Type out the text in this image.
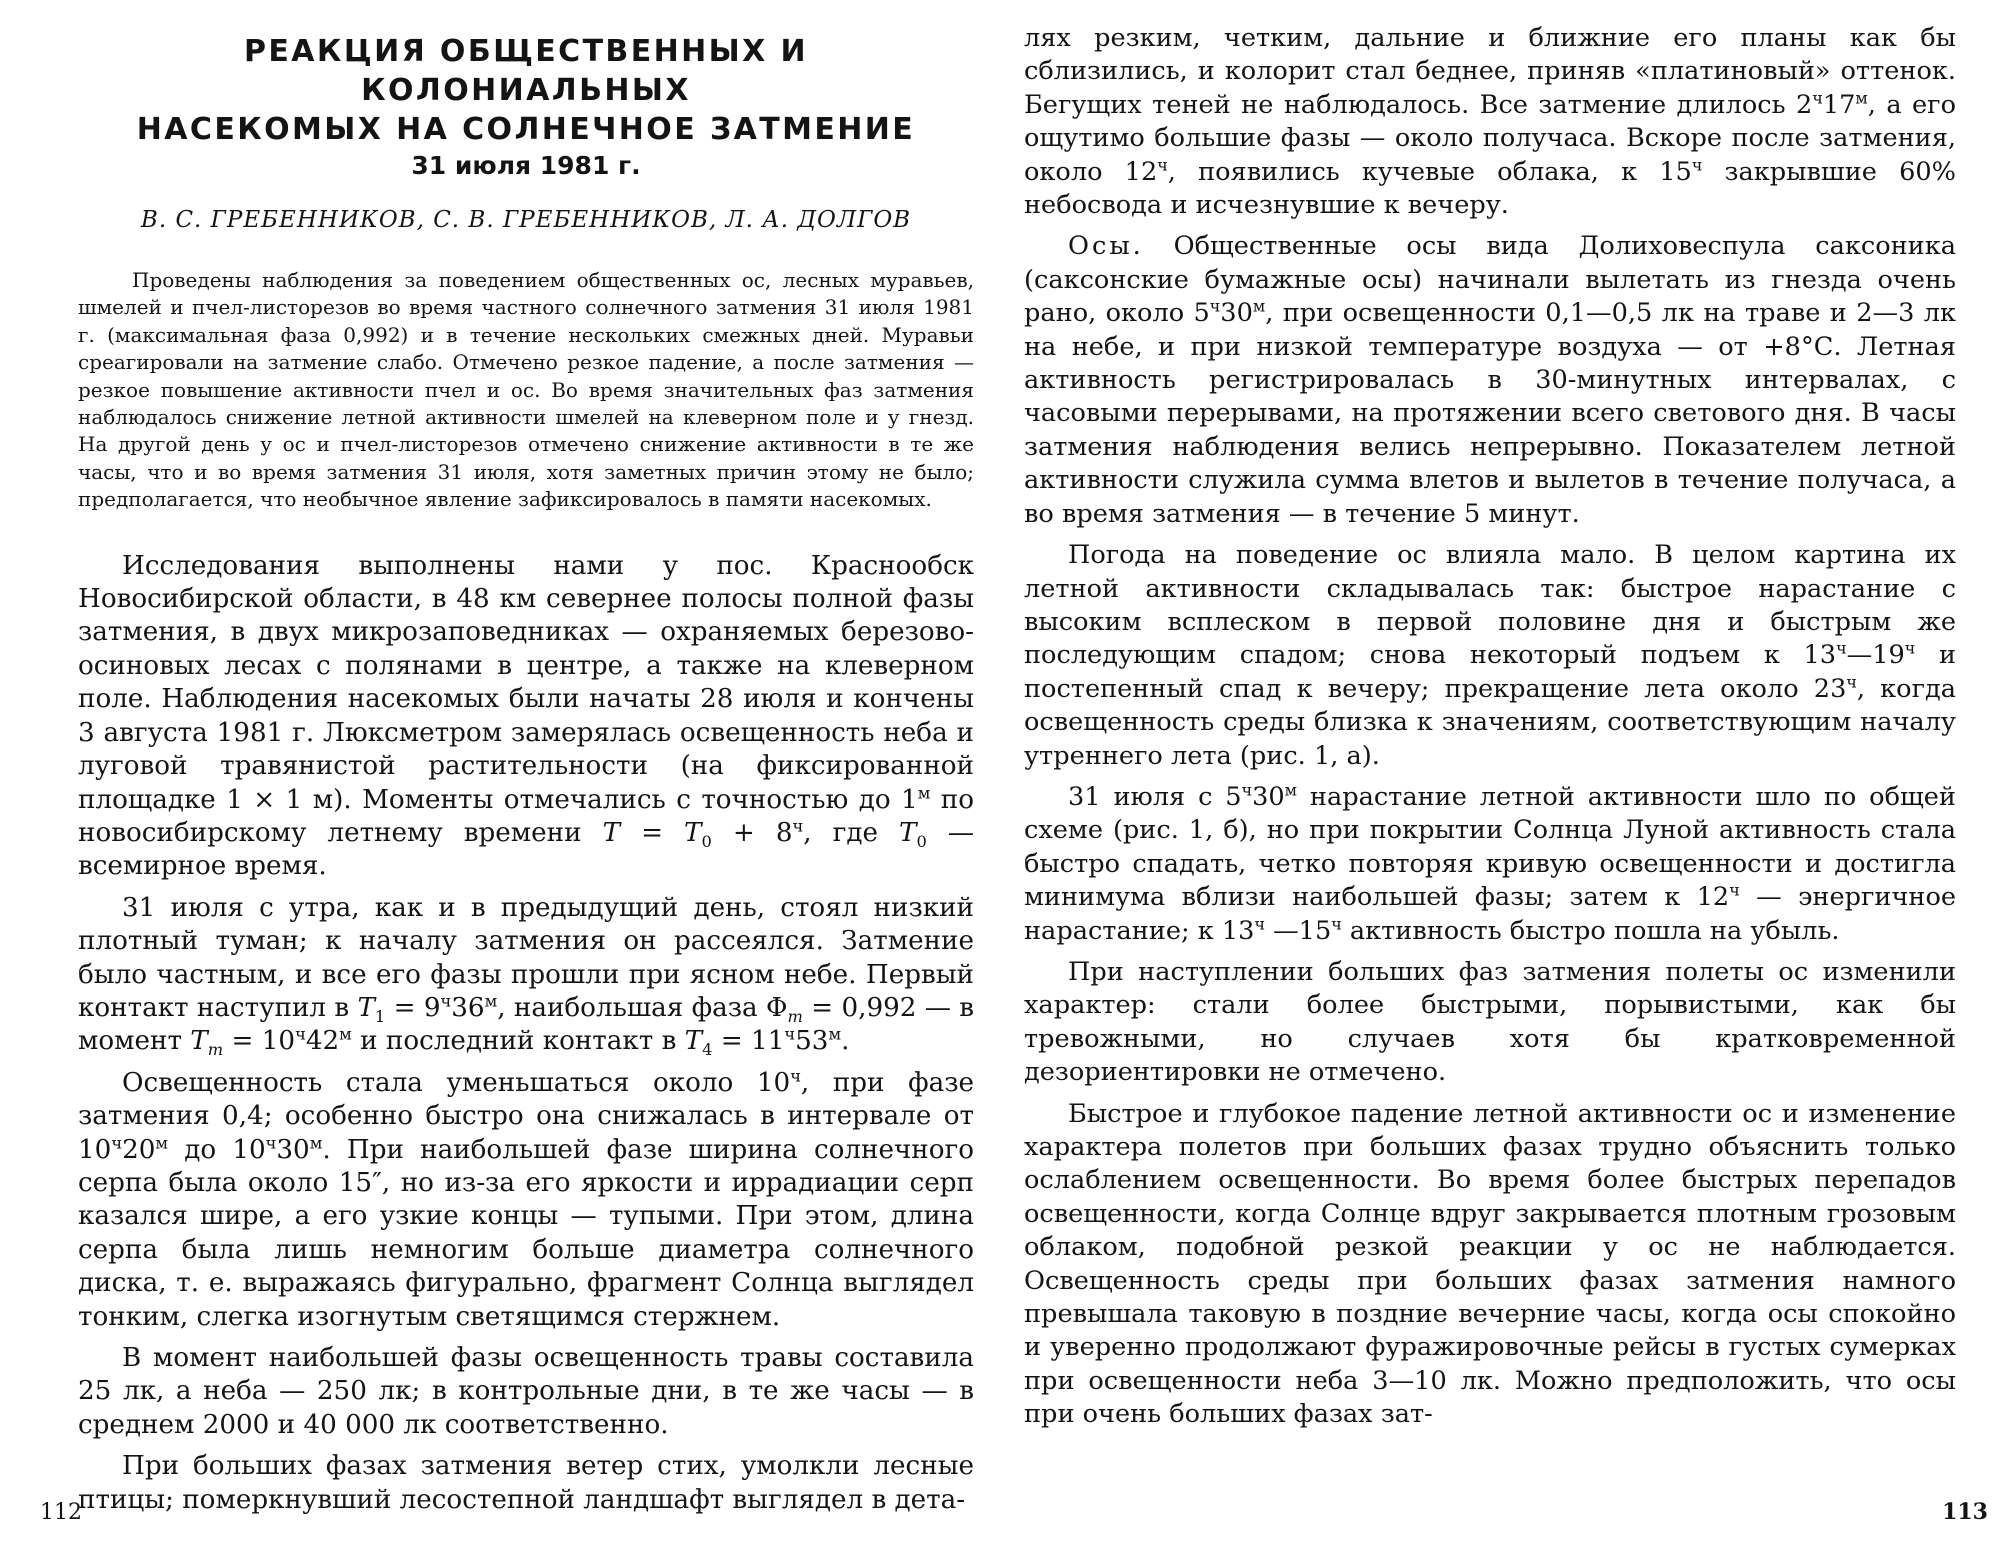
РЕАКЦИЯ ОБЩЕСТВЕННЫХ И КОЛОНИАЛЬНЫХ
НАСЕКОМЫХ НА СОЛНЕЧНОЕ ЗАТМЕНИЕ
31 июля 1981 г.
В. С. ГРЕБЕННИКОВ, С. В. ГРЕБЕННИКОВ, Л. А. ДОЛГОВ
Проведены наблюдения за поведением общественных ос, лесных муравьев, шмелей и пчел-листорезов во время частного солнечного затмения 31 июля 1981 г. (максимальная фаза 0,992) и в течение нескольких смежных дней. Муравьи среагировали на затмение слабо. Отмечено резкое падение, а после затмения — резкое повышение активности пчел и ос. Во время значительных фаз затмения наблюдалось снижение летной активности шмелей на клеверном поле и у гнезд. На другой день у ос и пчел-листорезов отмечено снижение активности в те же часы, что и во время затмения 31 июля, хотя заметных причин этому не было; предполагается, что необычное явление зафиксировалось в памяти насекомых.

Исследования выполнены нами у пос. Краснообск Новосибирской области, в 48 км севернее полосы полной фазы затмения, в двух микрозаповедниках — охраняемых березово-осиновых лесах с полянами в центре, а также на клеверном поле. Наблюдения насекомых были начаты 28 июля и кончены 3 августа 1981 г. Люксметром замерялась освещенность неба и луговой травянистой растительности (на фиксированной площадке 1 × 1 м). Моменты отмечались с точностью до $1^м$ по новосибирскому летнему времени $T = T_0 + 8^ч$, где $T_0$ — всемирное время.

31 июля с утра, как и в предыдущий день, стоял низкий плотный туман; к началу затмения он рассеялся. Затмение было частным, и все его фазы прошли при ясном небе. Первый контакт наступил в $T_1 = 9^ч36^м$, наибольшая фаза $\Phi_m = 0,992$ — в момент $T_m = 10^ч42^м$ и последний контакт в $T_4 = 11^ч53^м$.

Освещенность стала уменьшаться около $10^ч$, при фазе затмения 0,4; особенно быстро она снижалась в интервале от $10^ч20^м$ до $10^ч30^м$. При наибольшей фазе ширина солнечного серпа была около 15″, но из-за его яркости и иррадиации серп казался шире, а его узкие концы — тупыми. При этом, длина серпа была лишь немногим больше диаметра солнечного диска, т. е. выражаясь фигурально, фрагмент Солнца выглядел тонким, слегка изогнутым светящимся стержнем.

В момент наибольшей фазы освещенность травы составила 25 лк, а неба — 250 лк; в контрольные дни, в те же часы — в среднем 2000 и 40 000 лк соответственно.

При больших фазах затмения ветер стих, умолкли лесные птицы; померкнувший лесостепной ландшафт выглядел в дета-

112

лях резким, четким, дальние и ближние его планы как бы сблизились, и колорит стал беднее, приняв «платиновый» оттенок. Бегущих теней не наблюдалось. Все затмение длилось $2^ч17^м$, а его ощутимо большие фазы — около получаса. Вскоре после затмения, около $12^ч$, появились кучевые облака, к $15^ч$ закрывшие 60% небосвода и исчезнувшие к вечеру.

Осы. Общественные осы вида Долиховеспула саксоника (саксонские бумажные осы) начинали вылетать из гнезда очень рано, около $5^ч30^м$, при освещенности 0,1—0,5 лк на траве и 2—3 лк на небе, и при низкой температуре воздуха — от +8°С. Летная активность регистрировалась в 30-минутных интервалах, с часовыми перерывами, на протяжении всего светового дня. В часы затмения наблюдения велись непрерывно. Показателем летной активности служила сумма влетов и вылетов в течение получаса, а во время затмения — в течение 5 минут.

Погода на поведение ос влияла мало. В целом картина их летной активности складывалась так: быстрое нарастание с высоким всплеском в первой половине дня и быстрым же последующим спадом; снова некоторый подъем к $13^ч—19^ч$ и постепенный спад к вечеру; прекращение лета около $23^ч$, когда освещенность среды близка к значениям, соответствующим началу утреннего лета (рис. 1, а).

31 июля с $5^ч30^м$ нарастание летной активности шло по общей схеме (рис. 1, б), но при покрытии Солнца Луной активность стала быстро спадать, четко повторяя кривую освещенности и достигла минимума вблизи наибольшей фазы; затем к $12^ч$ — энергичное нарастание; к $13^ч$ $—15^ч$ активность быстро пошла на убыль.

При наступлении больших фаз затмения полеты ос изменили характер: стали более быстрыми, порывистыми, как бы тревожными, но случаев хотя бы кратковременной дезориентировки не отмечено.

Быстрое и глубокое падение летной активности ос и изменение характера полетов при больших фазах трудно объяснить только ослаблением освещенности. Во время более быстрых перепадов освещенности, когда Солнце вдруг закрывается плотным грозовым облаком, подобной резкой реакции у ос не наблюдается. Освещенность среды при больших фазах затмения намного превышала таковую в поздние вечерние часы, когда осы спокойно и уверенно продолжают фуражировочные рейсы в густых сумерках при освещенности неба 3—10 лк. Можно предположить, что осы при очень больших фазах зат-

113
